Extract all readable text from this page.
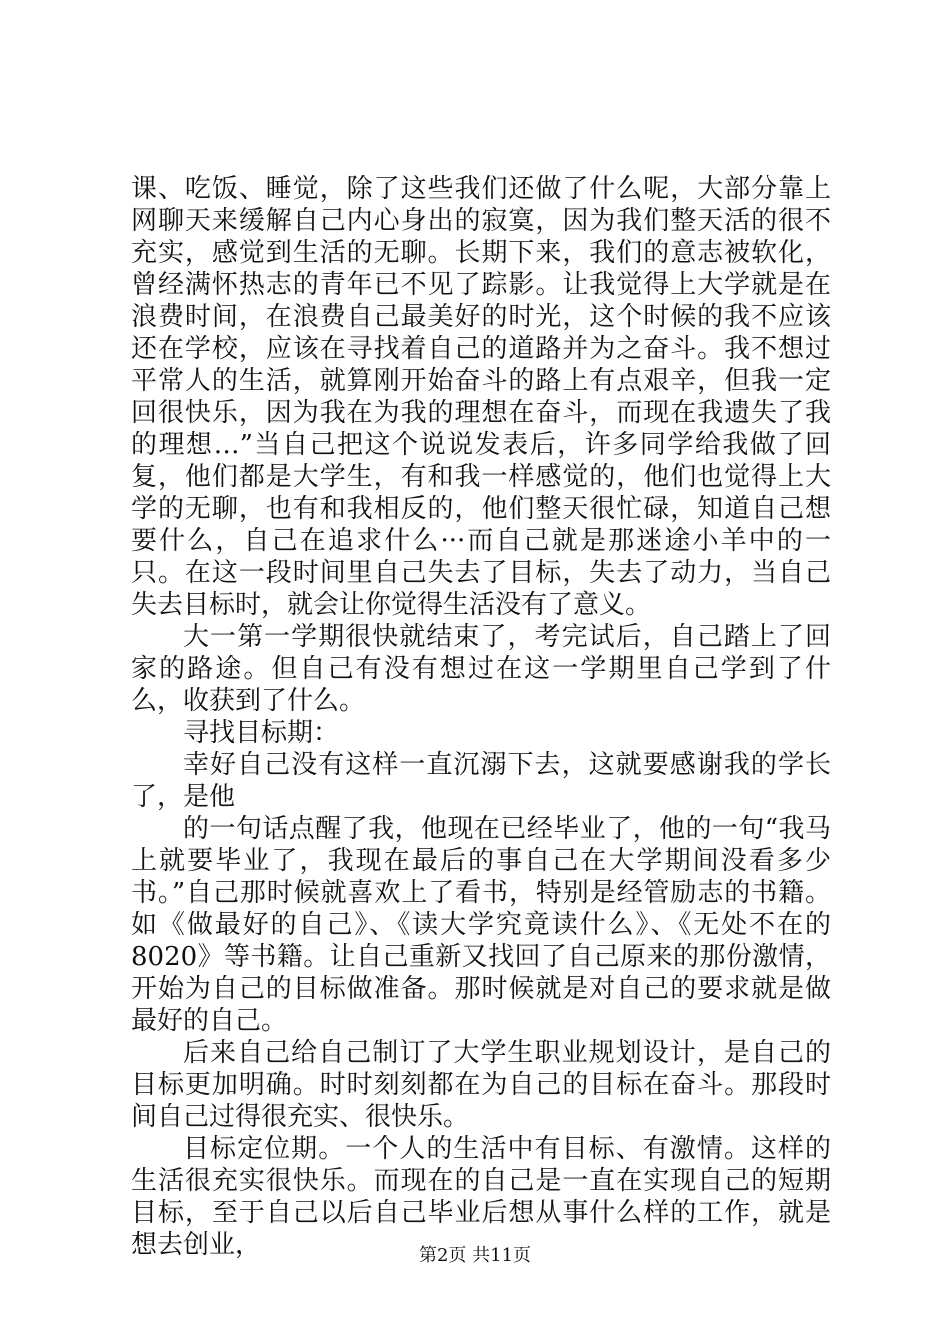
课、吃饭、睡觉，除了这些我们还做了什么呢，大部分靠上网聊天来缓解自己内心身出的寂寞，因为我们整天活的很不充实，感觉到生活的无聊。长期下来，我们的意志被软化，曾经满怀热志的青年已不见了踪影。让我觉得上大学就是在浪费时间，在浪费自己最美好的时光，这个时候的我不应该还在学校，应该在寻找着自己的道路并为之奋斗。我不想过平常人的生活，就算刚开始奋斗的路上有点艰辛，但我一定回很快乐，因为我在为我的理想在奋斗，而现在我遗失了我的理想…”当自己把这个说说发表后，许多同学给我做了回复，他们都是大学生，有和我一样感觉的，他们也觉得上大学的无聊，也有和我相反的，他们整天很忙碌，知道自己想要什么，自己在追求什么···而自己就是那迷途小羊中的一只。在这一段时间里自己失去了目标，失去了动力，当自己失去目标时，就会让你觉得生活没有了意义。

大一第一学期很快就结束了，考完试后，自己踏上了回家的路途。但自己有没有想过在这一学期里自己学到了什么，收获到了什么。

寻找目标期：

幸好自己没有这样一直沉溺下去，这就要感谢我的学长了，是他

的一句话点醒了我，他现在已经毕业了，他的一句“我马上就要毕业了，我现在最后的事自己在大学期间没看多少书。”自己那时候就喜欢上了看书，特别是经管励志的书籍。如《做最好的自己》、《读大学究竟读什么》、《无处不在的8020》等书籍。让自己重新又找回了自己原来的那份激情，开始为自己的目标做准备。那时候就是对自己的要求就是做最好的自己。

后来自己给自己制订了大学生职业规划设计，是自己的目标更加明确。时时刻刻都在为自己的目标在奋斗。那段时间自己过得很充实、很快乐。

目标定位期。一个人的生活中有目标、有激情。这样的生活很充实很快乐。而现在的自己是一直在实现自己的短期目标，至于自己以后自己毕业后想从事什么样的工作，就是想去创业，	第2页 共11页
